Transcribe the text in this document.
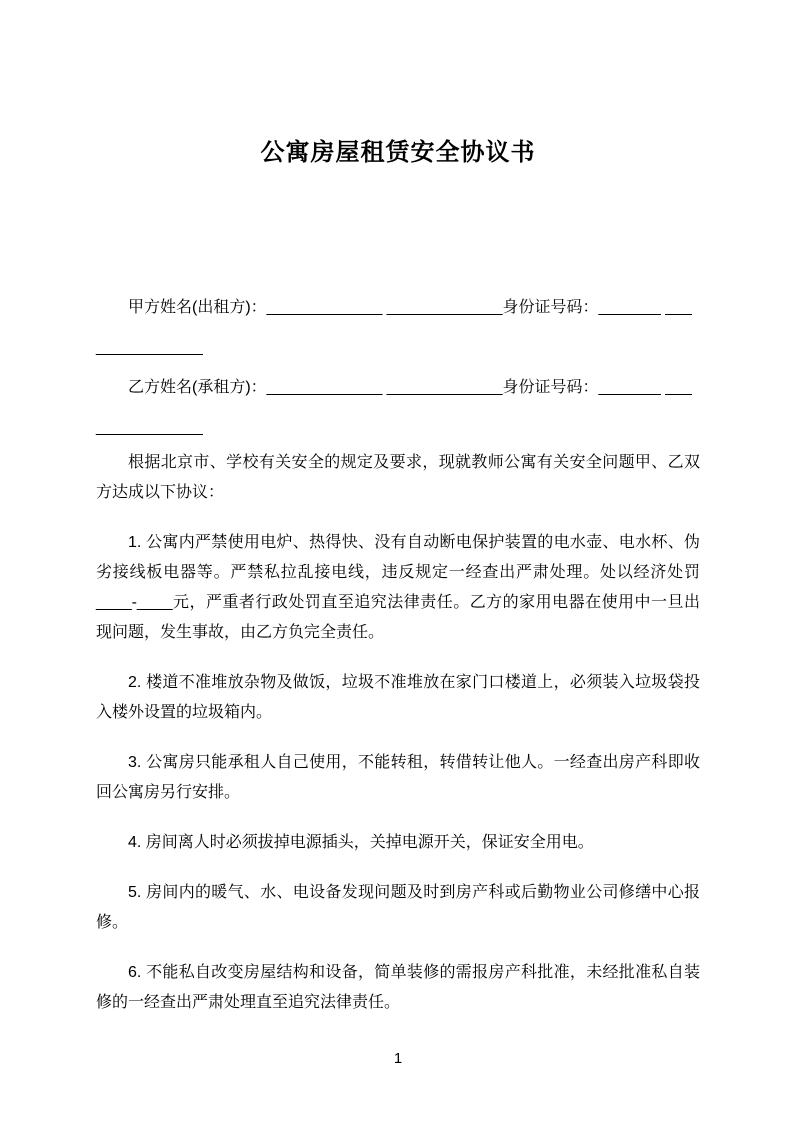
公寓房屋租赁安全协议书
甲方姓名(出租方)：_____________ _____________身份证号码：_______ ___
____________
乙方姓名(承租方)：_____________ _____________身份证号码：_______ ___
____________

根据北京市、学校有关安全的规定及要求，现就教师公寓有关安全问题甲、乙双方达成以下协议：

1. 公寓内严禁使用电炉、热得快、没有自动断电保护装置的电水壶、电水杯、伪劣接线板电器等。严禁私拉乱接电线，违反规定一经查出严肃处理。处以经济处罚____-____元，严重者行政处罚直至追究法律责任。乙方的家用电器在使用中一旦出现问题，发生事故，由乙方负完全责任。

2. 楼道不准堆放杂物及做饭，垃圾不准堆放在家门口楼道上，必须装入垃圾袋投入楼外设置的垃圾箱内。

3. 公寓房只能承租人自己使用，不能转租，转借转让他人。一经查出房产科即收回公寓房另行安排。

4. 房间离人时必须拔掉电源插头，关掉电源开关，保证安全用电。

5. 房间内的暖气、水、电设备发现问题及时到房产科或后勤物业公司修缮中心报修。

6. 不能私自改变房屋结构和设备，简单装修的需报房产科批准，未经批准私自装修的一经查出严肃处理直至追究法律责任。

1
